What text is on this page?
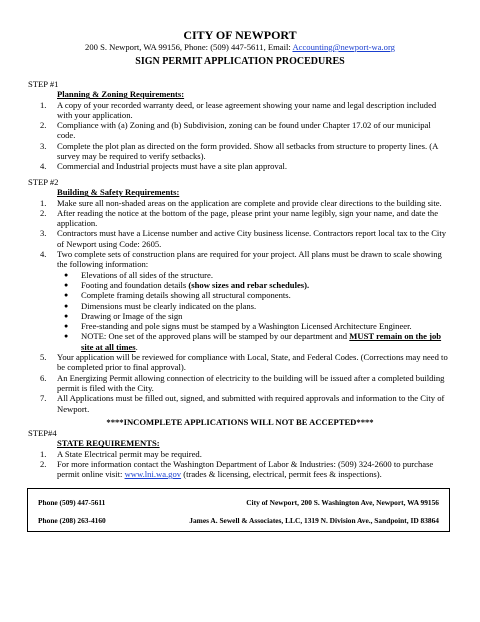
CITY OF NEWPORT
200 S. Newport, WA 99156, Phone: (509) 447-5611, Email: Accounting@newport-wa.org
SIGN PERMIT APPLICATION PROCEDURES

STEP #1

Planning & Zoning Requirements:

1.	A copy of your recorded warranty deed, or lease agreement showing your name and legal description included with your application.
2.	Compliance with (a) Zoning and (b) Subdivision, zoning can be found under Chapter 17.02 of our municipal code.
3.	Complete the plot plan as directed on the form provided. Show all setbacks from structure to property lines. (A survey may be required to verify setbacks).
4.	Commercial and Industrial projects must have a site plan approval.

STEP #2

Building & Safety Requirements:

1.	Make sure all non-shaded areas on the application are complete and provide clear directions to the building site.
2.	After reading the notice at the bottom of the page, please print your name legibly, sign your name, and date the application.
3.	Contractors must have a License number and active City business license. Contractors report local tax to the City of Newport using Code: 2605.
4.	Two complete sets of construction plans are required for your project. All plans must be drawn to scale showing the following information:
● Elevations of all sides of the structure.
● Footing and foundation details (show sizes and rebar schedules).
● Complete framing details showing all structural components.
● Dimensions must be clearly indicated on the plans.
● Drawing or Image of the sign
● Free-standing and pole signs must be stamped by a Washington Licensed Architecture Engineer.
● NOTE: One set of the approved plans will be stamped by our department and MUST remain on the job site at all times.
5.	Your application will be reviewed for compliance with Local, State, and Federal Codes. (Corrections may need to be completed prior to final approval).
6.	An Energizing Permit allowing connection of electricity to the building will be issued after a completed building permit is filed with the City.
7.	All Applications must be filled out, signed, and submitted with required approvals and information to the City of Newport.
****INCOMPLETE APPLICATIONS WILL NOT BE ACCEPTED****

STEP#4

STATE REQUIREMENTS:

1.	A State Electrical permit may be required.
2.	For more information contact the Washington Department of Labor & Industries: (509) 324-2600 to purchase permit online visit: www.lni.wa.gov (trades & licensing, electrical, permit fees & inspections).
Phone (509) 447-5611	City of Newport, 200 S. Washington Ave, Newport, WA 99156
Phone (208) 263-4160	James A. Sewell & Associates, LLC, 1319 N. Division Ave., Sandpoint, ID 83864
